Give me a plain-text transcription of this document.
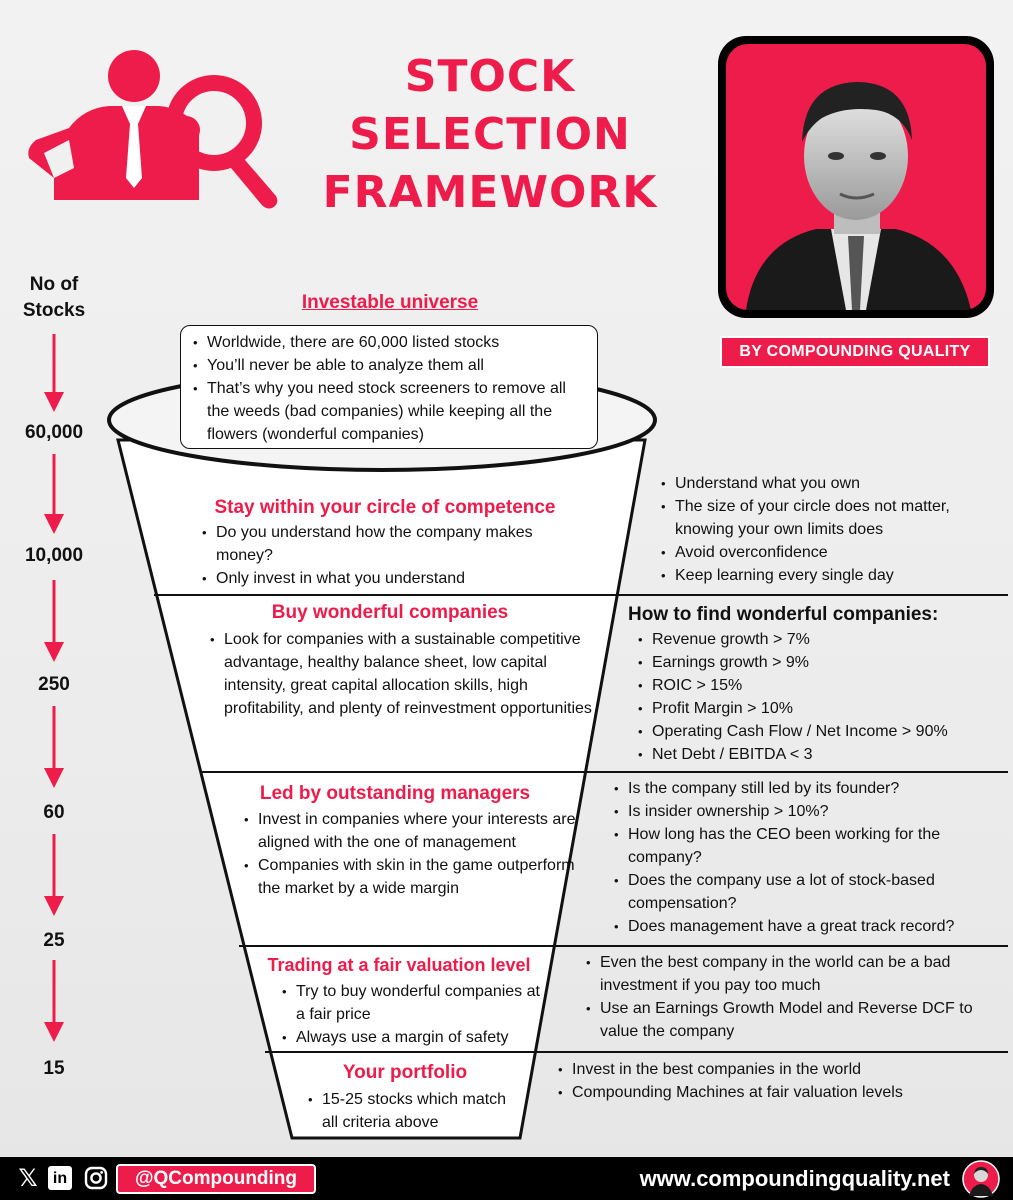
STOCK
SELECTION
FRAMEWORK
BY COMPOUNDING QUALITY
No of
Stocks
60,000
10,000
250
60
25
15
Investable universe
• Worldwide, there are 60,000 listed stocks
• You’ll never be able to analyze them all
• That’s why you need stock screeners to remove all the weeds (bad companies) while keeping all the flowers (wonderful companies)
Stay within your circle of competence
• Do you understand how the company makes money?
• Only invest in what you understand
• Understand what you own
• The size of your circle does not matter, knowing your own limits does
• Avoid overconfidence
• Keep learning every single day
Buy wonderful companies
• Look for companies with a sustainable competitive advantage, healthy balance sheet, low capital intensity, great capital allocation skills, high profitability, and plenty of reinvestment opportunities
How to find wonderful companies:
• Revenue growth > 7%
• Earnings growth > 9%
• ROIC > 15%
• Profit Margin > 10%
• Operating Cash Flow / Net Income > 90%
• Net Debt / EBITDA < 3
Led by outstanding managers
• Invest in companies where your interests are aligned with the one of management
• Companies with skin in the game outperform the market by a wide margin
• Is the company still led by its founder?
• Is insider ownership > 10%?
• How long has the CEO been working for the company?
• Does the company use a lot of stock-based compensation?
• Does management have a great track record?
Trading at a fair valuation level
• Try to buy wonderful companies at a fair price
• Always use a margin of safety
• Even the best company in the world can be a bad investment if you pay too much
• Use an Earnings Growth Model and Reverse DCF to value the company
Your portfolio
• 15-25 stocks which match all criteria above
• Invest in the best companies in the world
• Compounding Machines at fair valuation levels
𝕏 in	@QCompounding	www.compoundingquality.net
